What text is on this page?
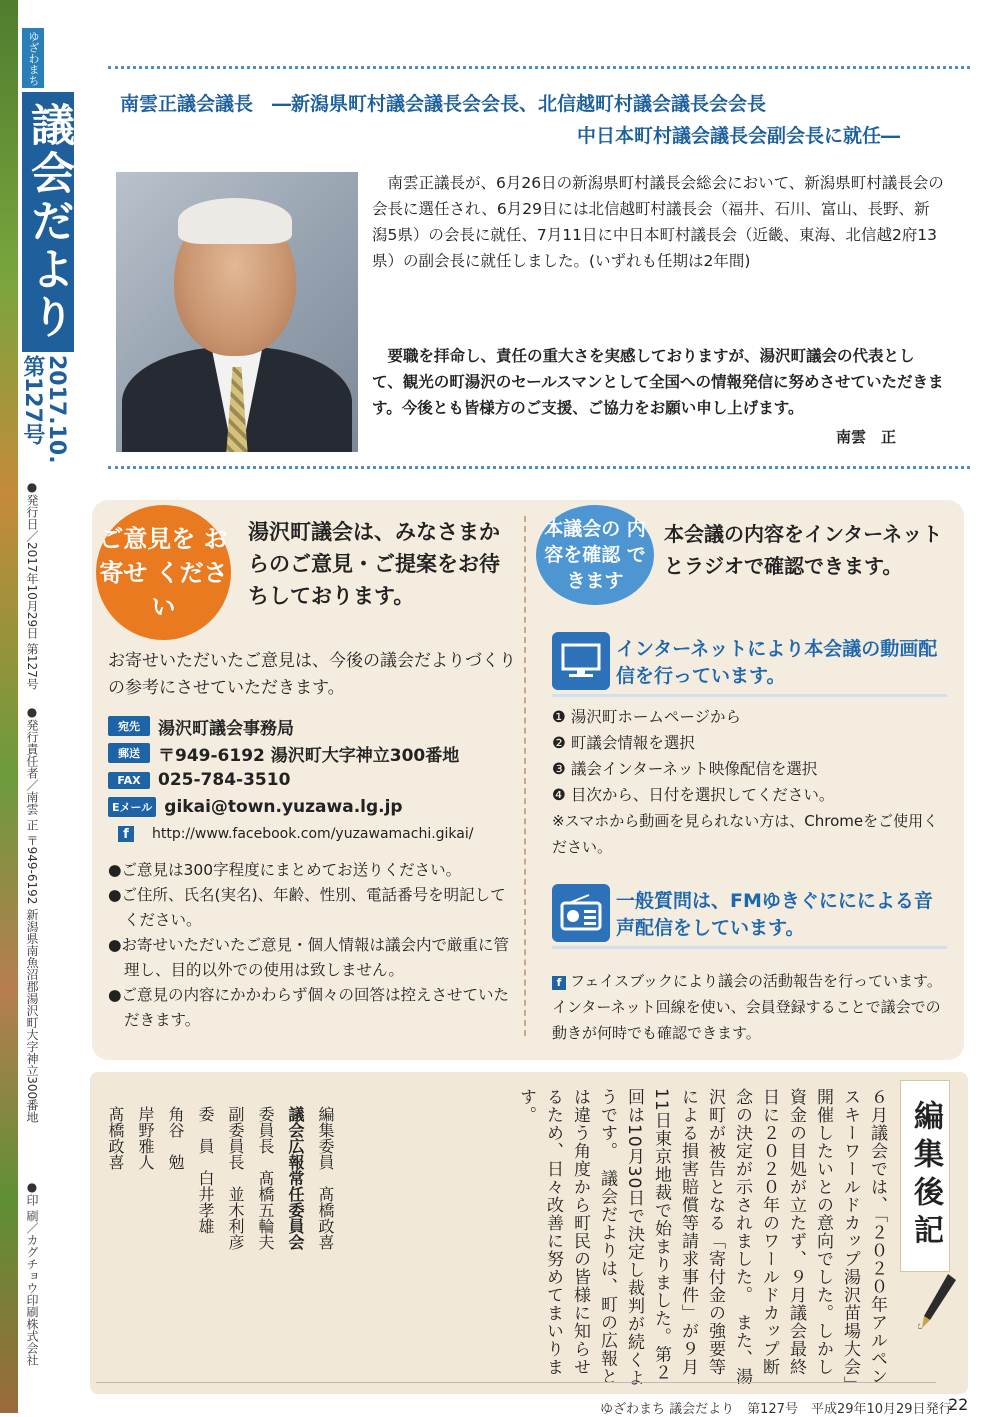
ゆざわまち
議会だより
2017.10.
第127号
●発行日／2017年10月29日 第127号
●発行責任者／南雲 正 〒949-6192 新潟県南魚沼郡湯沢町大字神立300番地
●印 刷／カグチョウ印刷株式会社
南雲正議会議長　―新潟県町村議会議長会会長、北信越町村議会議長会会長
中日本町村議会議長会副会長に就任―
南雲正議長が、6月26日の新潟県町村議長会総会において、新潟県町村議長会の会長に選任され、6月29日には北信越町村議長会（福井、石川、富山、長野、新潟5県）の会長に就任、7月11日に中日本町村議長会（近畿、東海、北信越2府13県）の副会長に就任しました。(いずれも任期は2年間)
要職を拝命し、責任の重大さを実感しておりますが、湯沢町議会の代表として、観光の町湯沢のセールスマンとして全国への情報発信に努めさせていただきます。今後とも皆様方のご支援、ご協力をお願い申し上げます。
南雲　正
ご意見を お寄せ ください
湯沢町議会は、みなさまからのご意見・ご提案をお待ちしております。
お寄せいただいたご意見は、今後の議会だよりづくりの参考にさせていただきます。
宛先	湯沢町議会事務局
郵送	〒949-6192 湯沢町大字神立300番地
FAX	025-784-3510
Eメール gikai@town.yuzawa.lg.jp
f	http://www.facebook.com/yuzawamachi.gikai/
●ご意見は300字程度にまとめてお送りください。
●ご住所、氏名(実名)、年齢、性別、電話番号を明記してください。
●お寄せいただいたご意見・個人情報は議会内で厳重に管理し、目的以外での使用は致しません。
●ご意見の内容にかかわらず個々の回答は控えさせていただきます。
本議会の 内容を確認 できます
本会議の内容をインターネットとラジオで確認できます。
インターネットにより本会議の動画配信を行っています。
❶ 湯沢町ホームページから
❷ 町議会情報を選択
❸ 議会インターネット映像配信を選択
❹ 目次から、日付を選択してください。
※スマホから動画を見られない方は、Chromeをご使用ください。
一般質問は、FMゆきぐににによる音声配信をしています。
f フェイスブックにより議会の活動報告を行っています。インターネット回線を使い、会員登録することで議会での動きが何時でも確認できます。
編集後記
６月議会では、「２０２０年アルペンスキーワールドカップ湯沢苗場大会」開催したいとの意向でした。しかし資金の目処が立たず、９月議会最終日に２０２０年のワールドカップ断念の決定が示されました。　また、湯沢町が被告となる「寄付金の強要等による損害賠償等請求事件」が９月11日東京地裁で始まりました。第２回は10月30日で決定し裁判が続くようです。　議会だよりは、町の広報とは違う角度から町民の皆様に知らせるため、日々改善に努めてまいります。
編集委員　髙橋政喜
議会広報常任委員会
委員長　髙橋五輪夫
副委員長　並木利彦
委　員　白井孝雄
角谷　勉
岸野雅人
髙橋政喜
ゆざわまち 議会だより　第127号　平成29年10月29日発行
22
